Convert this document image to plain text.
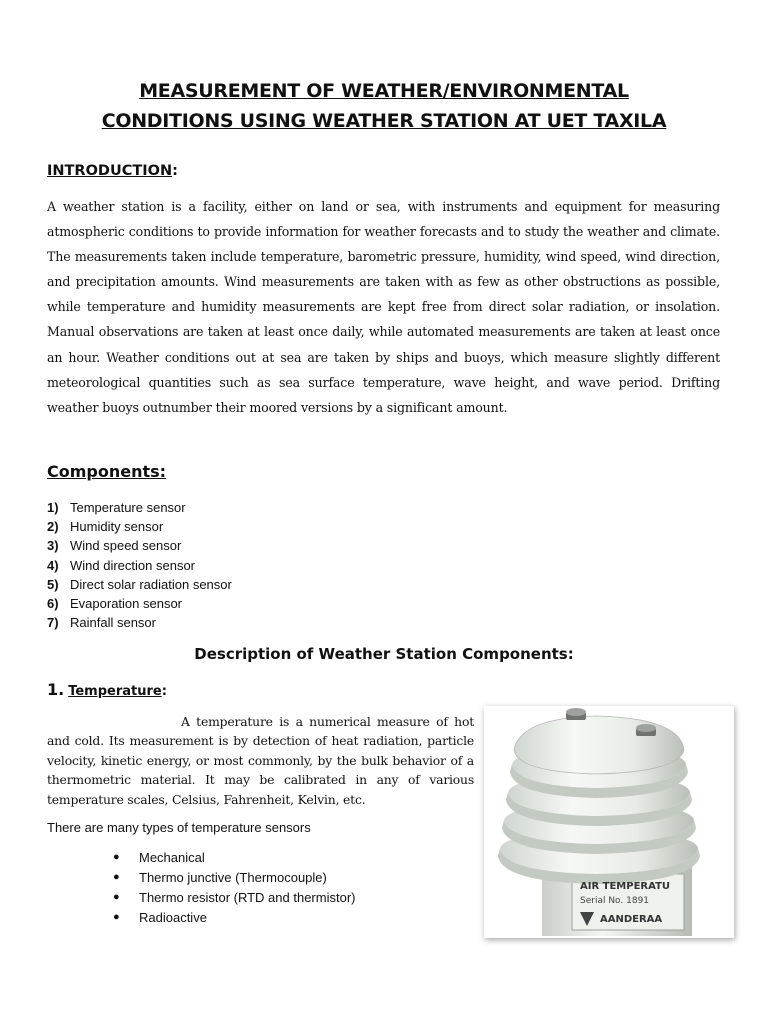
MEASUREMENT OF WEATHER/ENVIRONMENTAL
CONDITIONS USING WEATHER STATION AT UET TAXILA
INTRODUCTION:
A weather station is a facility, either on land or sea, with instruments and equipment for measuring atmospheric conditions to provide information for weather forecasts and to study the weather and climate. The measurements taken include temperature, barometric pressure, humidity, wind speed, wind direction, and precipitation amounts. Wind measurements are taken with as few as other obstructions as possible, while temperature and humidity measurements are kept free from direct solar radiation, or insolation. Manual observations are taken at least once daily, while automated measurements are taken at least once an hour. Weather conditions out at sea are taken by ships and buoys, which measure slightly different meteorological quantities such as sea surface temperature, wave height, and wave period. Drifting weather buoys outnumber their moored versions by a significant amount.
Components:
1) Temperature sensor
2) Humidity sensor
3) Wind speed sensor
4) Wind direction sensor
5) Direct solar radiation sensor
6) Evaporation sensor
7) Rainfall sensor
Description of Weather Station Components:
1. Temperature:
A temperature is a numerical measure of hot and cold. Its measurement is by detection of heat radiation, particle velocity, kinetic energy, or most commonly, by the bulk behavior of a thermometric material. It may be calibrated in any of various temperature scales, Celsius, Fahrenheit, Kelvin, etc.
There are many types of temperature sensors
●	Mechanical
●	Thermo junctive (Thermocouple)
●	Thermo resistor (RTD and thermistor)
●	Radioactive
AIR TEMPERATU
Serial No. 1891
AANDERAA
